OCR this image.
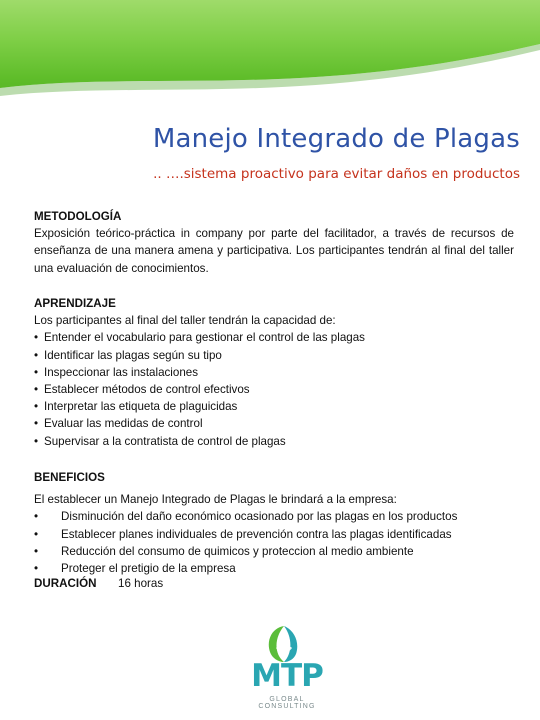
Manejo Integrado de Plagas
.. ….sistema proactivo para evitar daños en productos
METODOLOGÍA
Exposición teórico-práctica in company por parte del facilitador, a través de recursos de enseñanza de una manera amena y participativa. Los participantes tendrán al final del taller una evaluación de conocimientos.
APRENDIZAJE
Los participantes al final del taller tendrán la capacidad de:
• Entender el vocabulario para gestionar el control de las plagas
• Identificar las plagas según su tipo
• Inspeccionar las instalaciones
• Establecer métodos de control efectivos
• Interpretar las etiqueta de plaguicidas
• Evaluar las medidas de control
• Supervisar a la contratista de control de plagas
BENEFICIOS
El establecer un Manejo Integrado de Plagas le brindará a la empresa:
• Disminución del daño económico ocasionado por las plagas en los productos
• Establecer planes individuales de prevención contra las plagas identificadas
• Reducción del consumo de quimicos y proteccion al medio ambiente
• Proteger el pretigio de la empresa
DURACIÓN 16 horas
MTP
GLOBAL CONSULTING
